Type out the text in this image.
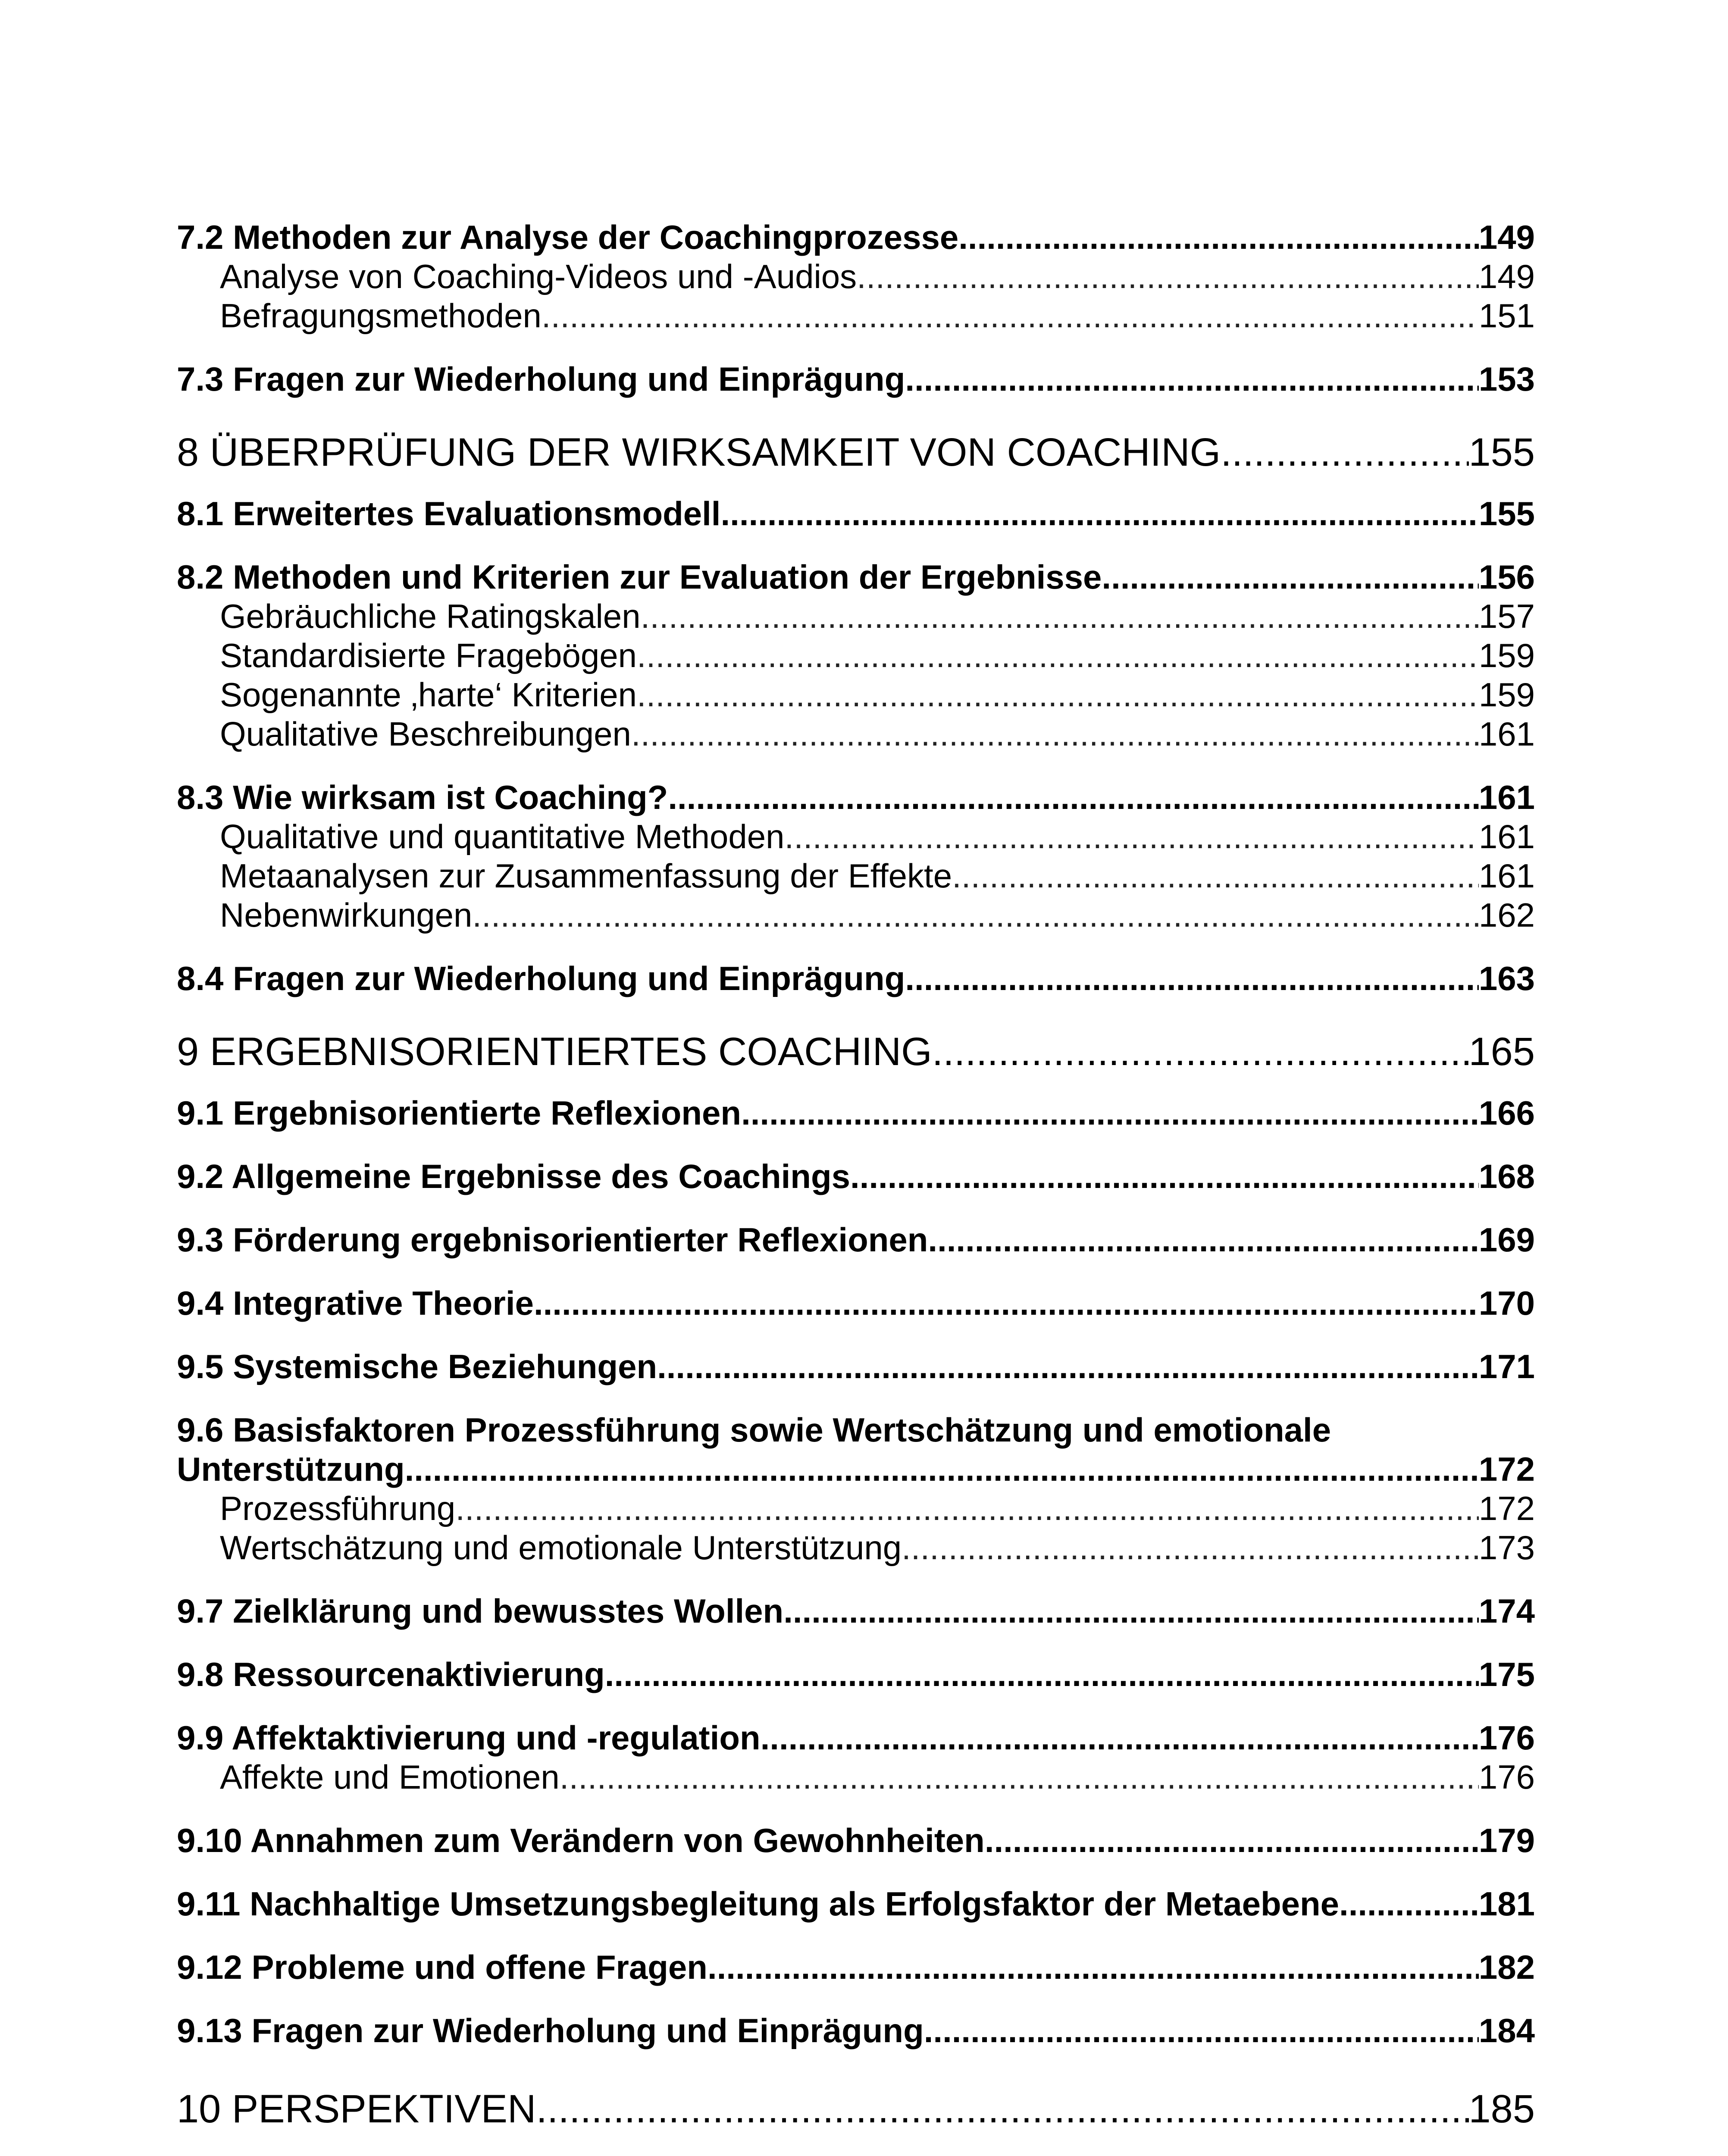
7.2 Methoden zur Analyse der Coachingprozesse .....	149
Analyse von Coaching-Videos und -Audios .....	149
Befragungsmethoden .....	151
7.3 Fragen zur Wiederholung und Einprägung .....	153
8 ÜBERPRÜFUNG DER WIRKSAMKEIT VON COACHING .....	155
8.1 Erweitertes Evaluationsmodell .....	155
8.2 Methoden und Kriterien zur Evaluation der Ergebnisse .....	156
Gebräuchliche Ratingskalen .....	157
Standardisierte Fragebögen .....	159
Sogenannte ‚harte‘ Kriterien .....	159
Qualitative Beschreibungen .....	161
8.3 Wie wirksam ist Coaching? .....	161
Qualitative und quantitative Methoden .....	161
Metaanalysen zur Zusammenfassung der Effekte .....	161
Nebenwirkungen .....	162
8.4 Fragen zur Wiederholung und Einprägung .....	163
9 ERGEBNISORIENTIERTES COACHING .....	165
9.1 Ergebnisorientierte Reflexionen .....	166
9.2 Allgemeine Ergebnisse des Coachings .....	168
9.3 Förderung ergebnisorientierter Reflexionen .....	169
9.4 Integrative Theorie .....	170
9.5 Systemische Beziehungen .....	171
9.6 Basisfaktoren Prozessführung sowie Wertschätzung und emotionale
Unterstützung .....	172
Prozessführung .....	172
Wertschätzung und emotionale Unterstützung .....	173
9.7 Zielklärung und bewusstes Wollen .....	174
9.8 Ressourcenaktivierung .....	175
9.9 Affektaktivierung und -regulation .....	176
Affekte und Emotionen .....	176
9.10 Annahmen zum Verändern von Gewohnheiten .....	179
9.11 Nachhaltige Umsetzungsbegleitung als Erfolgsfaktor der Metaebene .....	181
9.12 Probleme und offene Fragen .....	182
9.13 Fragen zur Wiederholung und Einprägung .....	184
10 PERSPEKTIVEN .....	185
